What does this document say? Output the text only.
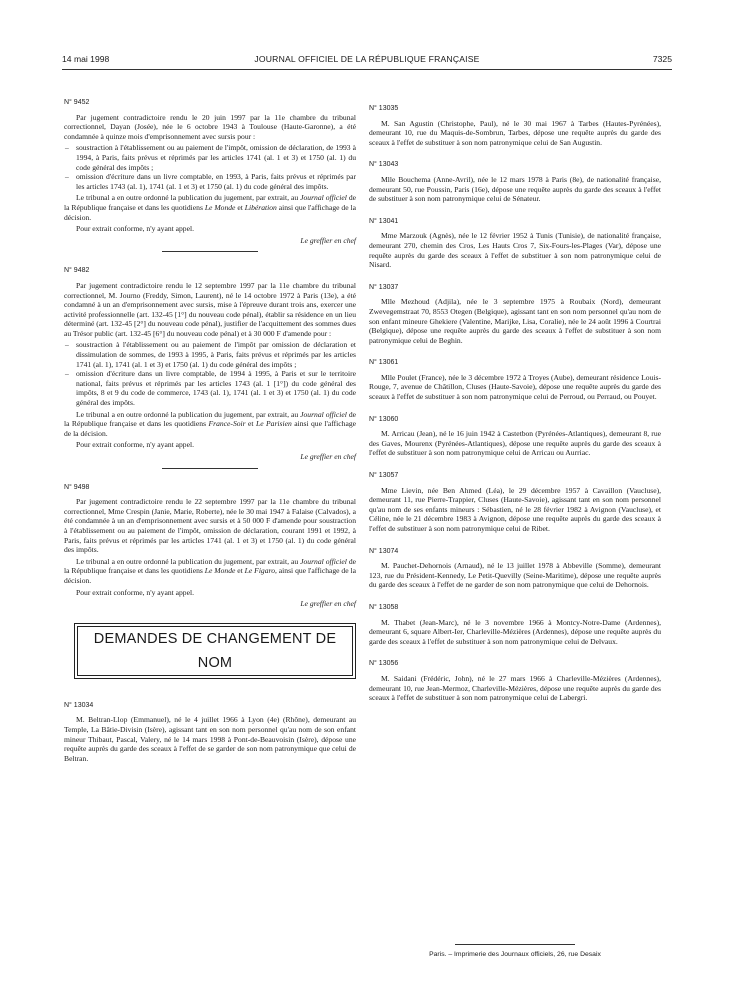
14 mai 1998	JOURNAL OFFICIEL DE LA RÉPUBLIQUE FRANÇAISE	7325
N° 9452

Par jugement contradictoire rendu le 20 juin 1997 par la 11e chambre du tribunal correctionnel, Dayan (Josée), née le 6 octobre 1943 à Toulouse (Haute-Garonne), a été condamnée à quinze mois d'emprisonnement avec sursis pour :

– soustraction à l'établissement ou au paiement de l'impôt, omission de déclaration, de 1993 à 1994, à Paris, faits prévus et réprimés par les articles 1741 (al. 1 et 3) et 1750 (al. 1) du code général des impôts ;
– omission d'écriture dans un livre comptable, en 1993, à Paris, faits prévus et réprimés par les articles 1743 (al. 1), 1741 (al. 1 et 3) et 1750 (al. 1) du code général des impôts.

Le tribunal a en outre ordonné la publication du jugement, par extrait, au Journal officiel de la République française et dans les quotidiens Le Monde et Libération ainsi que l'affichage de la décision.

Pour extrait conforme, n'y ayant appel.

Le greffier en chef
N° 9482

Par jugement contradictoire rendu le 12 septembre 1997 par la 11e chambre du tribunal correctionnel, M. Journo (Freddy, Simon, Laurent), né le 14 octobre 1972 à Paris (13e), a été condamné à un an d'emprisonnement avec sursis, mise à l'épreuve durant trois ans, exercer une activité professionnelle (art. 132-45 [1°] du nouveau code pénal), établir sa résidence en un lieu déterminé (art. 132-45 [2°] du nouveau code pénal), justifier de l'acquittement des sommes dues au Trésor public (art. 132-45 [6°] du nouveau code pénal) et à 30 000 F d'amende pour :

– soustraction à l'établissement ou au paiement de l'impôt par omission de déclaration et dissimulation de sommes, de 1993 à 1995, à Paris, faits prévus et réprimés par les articles 1741 (al. 1), 1741 (al. 1 et 3) et 1750 (al. 1) du code général des impôts ;
– omission d'écriture dans un livre comptable, de 1994 à 1995, à Paris et sur le territoire national, faits prévus et réprimés par les articles 1743 (al. 1 [1°]) du code général des impôts, 8 et 9 du code de commerce, 1743 (al. 1), 1741 (al. 1 et 3) et 1750 (al. 1) du code général des impôts.

Le tribunal a en outre ordonné la publication du jugement, par extrait, au Journal officiel de la République française et dans les quotidiens France-Soir et Le Parisien ainsi que l'affichage de la décision.

Pour extrait conforme, n'y ayant appel.

Le greffier en chef
N° 9498

Par jugement contradictoire rendu le 22 septembre 1997 par la 11e chambre du tribunal correctionnel, Mme Crespin (Janie, Marie, Roberte), née le 30 mai 1947 à Falaise (Calvados), a été condamnée à un an d'emprisonnement avec sursis et à 50 000 F d'amende pour soustraction à l'établissement ou au paiement de l'impôt, omission de déclaration, courant 1991 et 1992, à Paris, faits prévus et réprimés par les articles 1741 (al. 1 et 3) et 1750 (al. 1) du code général des impôts.

Le tribunal a en outre ordonné la publication du jugement, par extrait, au Journal officiel de la République française et dans les quotidiens Le Monde et Le Figaro, ainsi que l'affichage de la décision.

Pour extrait conforme, n'y ayant appel.

Le greffier en chef
DEMANDES DE CHANGEMENT DE NOM
N° 13034

M. Beltran-Llop (Emmanuel), né le 4 juillet 1966 à Lyon (4e) (Rhône), demeurant au Temple, La Bâtie-Divisin (Isère), agissant tant en son nom personnel qu'au nom de son enfant mineur Thibaut, Pascal, Valery, né le 14 mars 1998 à Pont-de-Beauvoisin (Isère), dépose une requête auprès du garde des sceaux à l'effet de se garder de son nom patronymique que celui de Beltran.

N° 13035

M. San Agustin (Christophe, Paul), né le 30 mai 1967 à Tarbes (Hautes-Pyrénées), demeurant 10, rue du Maquis-de-Sombrun, Tarbes, dépose une requête auprès du garde des sceaux à l'effet de substituer à son nom patronymique celui de San Augustin.

N° 13043

Mlle Bouchema (Anne-Avril), née le 12 mars 1978 à Paris (8e), de nationalité française, demeurant 50, rue Poussin, Paris (16e), dépose une requête auprès du garde des sceaux à l'effet de substituer à son nom patronymique celui de Sénateur.

N° 13041

Mme Marzouk (Agnès), née le 12 février 1952 à Tunis (Tunisie), de nationalité française, demeurant 270, chemin des Cros, Les Hauts Cros 7, Six-Fours-les-Plages (Var), dépose une requête auprès du garde des sceaux à l'effet de substituer à son nom patronymique celui de Nisard.

N° 13037

Mlle Mezhoud (Adjila), née le 3 septembre 1975 à Roubaix (Nord), demeurant Zwevegemstraat 70, 8553 Otegen (Belgique), agissant tant en son nom personnel qu'au nom de son enfant mineure Ghekiere (Valentine, Marijke, Lisa, Coralie), née le 24 août 1996 à Courtrai (Belgique), dépose une requête auprès du garde des sceaux à l'effet de substituer à son nom patronymique celui de Beghin.

N° 13061

Mlle Poulet (France), née le 3 décembre 1972 à Troyes (Aube), demeurant résidence Louis-Rouge, 7, avenue de Châtillon, Cluses (Haute-Savoie), dépose une requête auprès du garde des sceaux à l'effet de substituer à son nom patronymique celui de Perroud, ou Perraud, ou Pouyet.

N° 13060

M. Arricau (Jean), né le 16 juin 1942 à Castetbon (Pyrénées-Atlantiques), demeurant 8, rue des Gaves, Mourenx (Pyrénées-Atlantiques), dépose une requête auprès du garde des sceaux à l'effet de substituer à son nom patronymique celui de Arricau ou Aurriac.

N° 13057

Mme Lievin, née Ben Ahmed (Léa), le 29 décembre 1957 à Cavaillon (Vaucluse), demeurant 11, rue Pierre-Trappier, Cluses (Haute-Savoie), agissant tant en son nom personnel qu'au nom de ses enfants mineurs : Sébastien, né le 28 février 1982 à Avignon (Vaucluse), et Céline, née le 21 décembre 1983 à Avignon, dépose une requête auprès du garde des sceaux à l'effet de substituer à son nom patronymique celui de Ribet.

N° 13074

M. Pauchet-Dehornois (Arnaud), né le 13 juillet 1978 à Abbeville (Somme), demeurant 123, rue du Président-Kennedy, Le Petit-Quevilly (Seine-Maritime), dépose une requête auprès du garde des sceaux à l'effet de ne garder de son nom patronymique que celui de Dehornois.

N° 13058

M. Thabet (Jean-Marc), né le 3 novembre 1966 à Montcy-Notre-Dame (Ardennes), demeurant 6, square Albert-Ier, Charleville-Mézières (Ardennes), dépose une requête auprès du garde des sceaux à l'effet de substituer à son nom patronymique celui de Delvaux.

N° 13056

M. Saidani (Frédéric, John), né le 27 mars 1966 à Charleville-Mézières (Ardennes), demeurant 10, rue Jean-Mermoz, Charleville-Mézières, dépose une requête auprès du garde des sceaux à l'effet de substituer à son nom patronymique celui de Labergri.

Paris. – Imprimerie des Journaux officiels, 26, rue Desaix
